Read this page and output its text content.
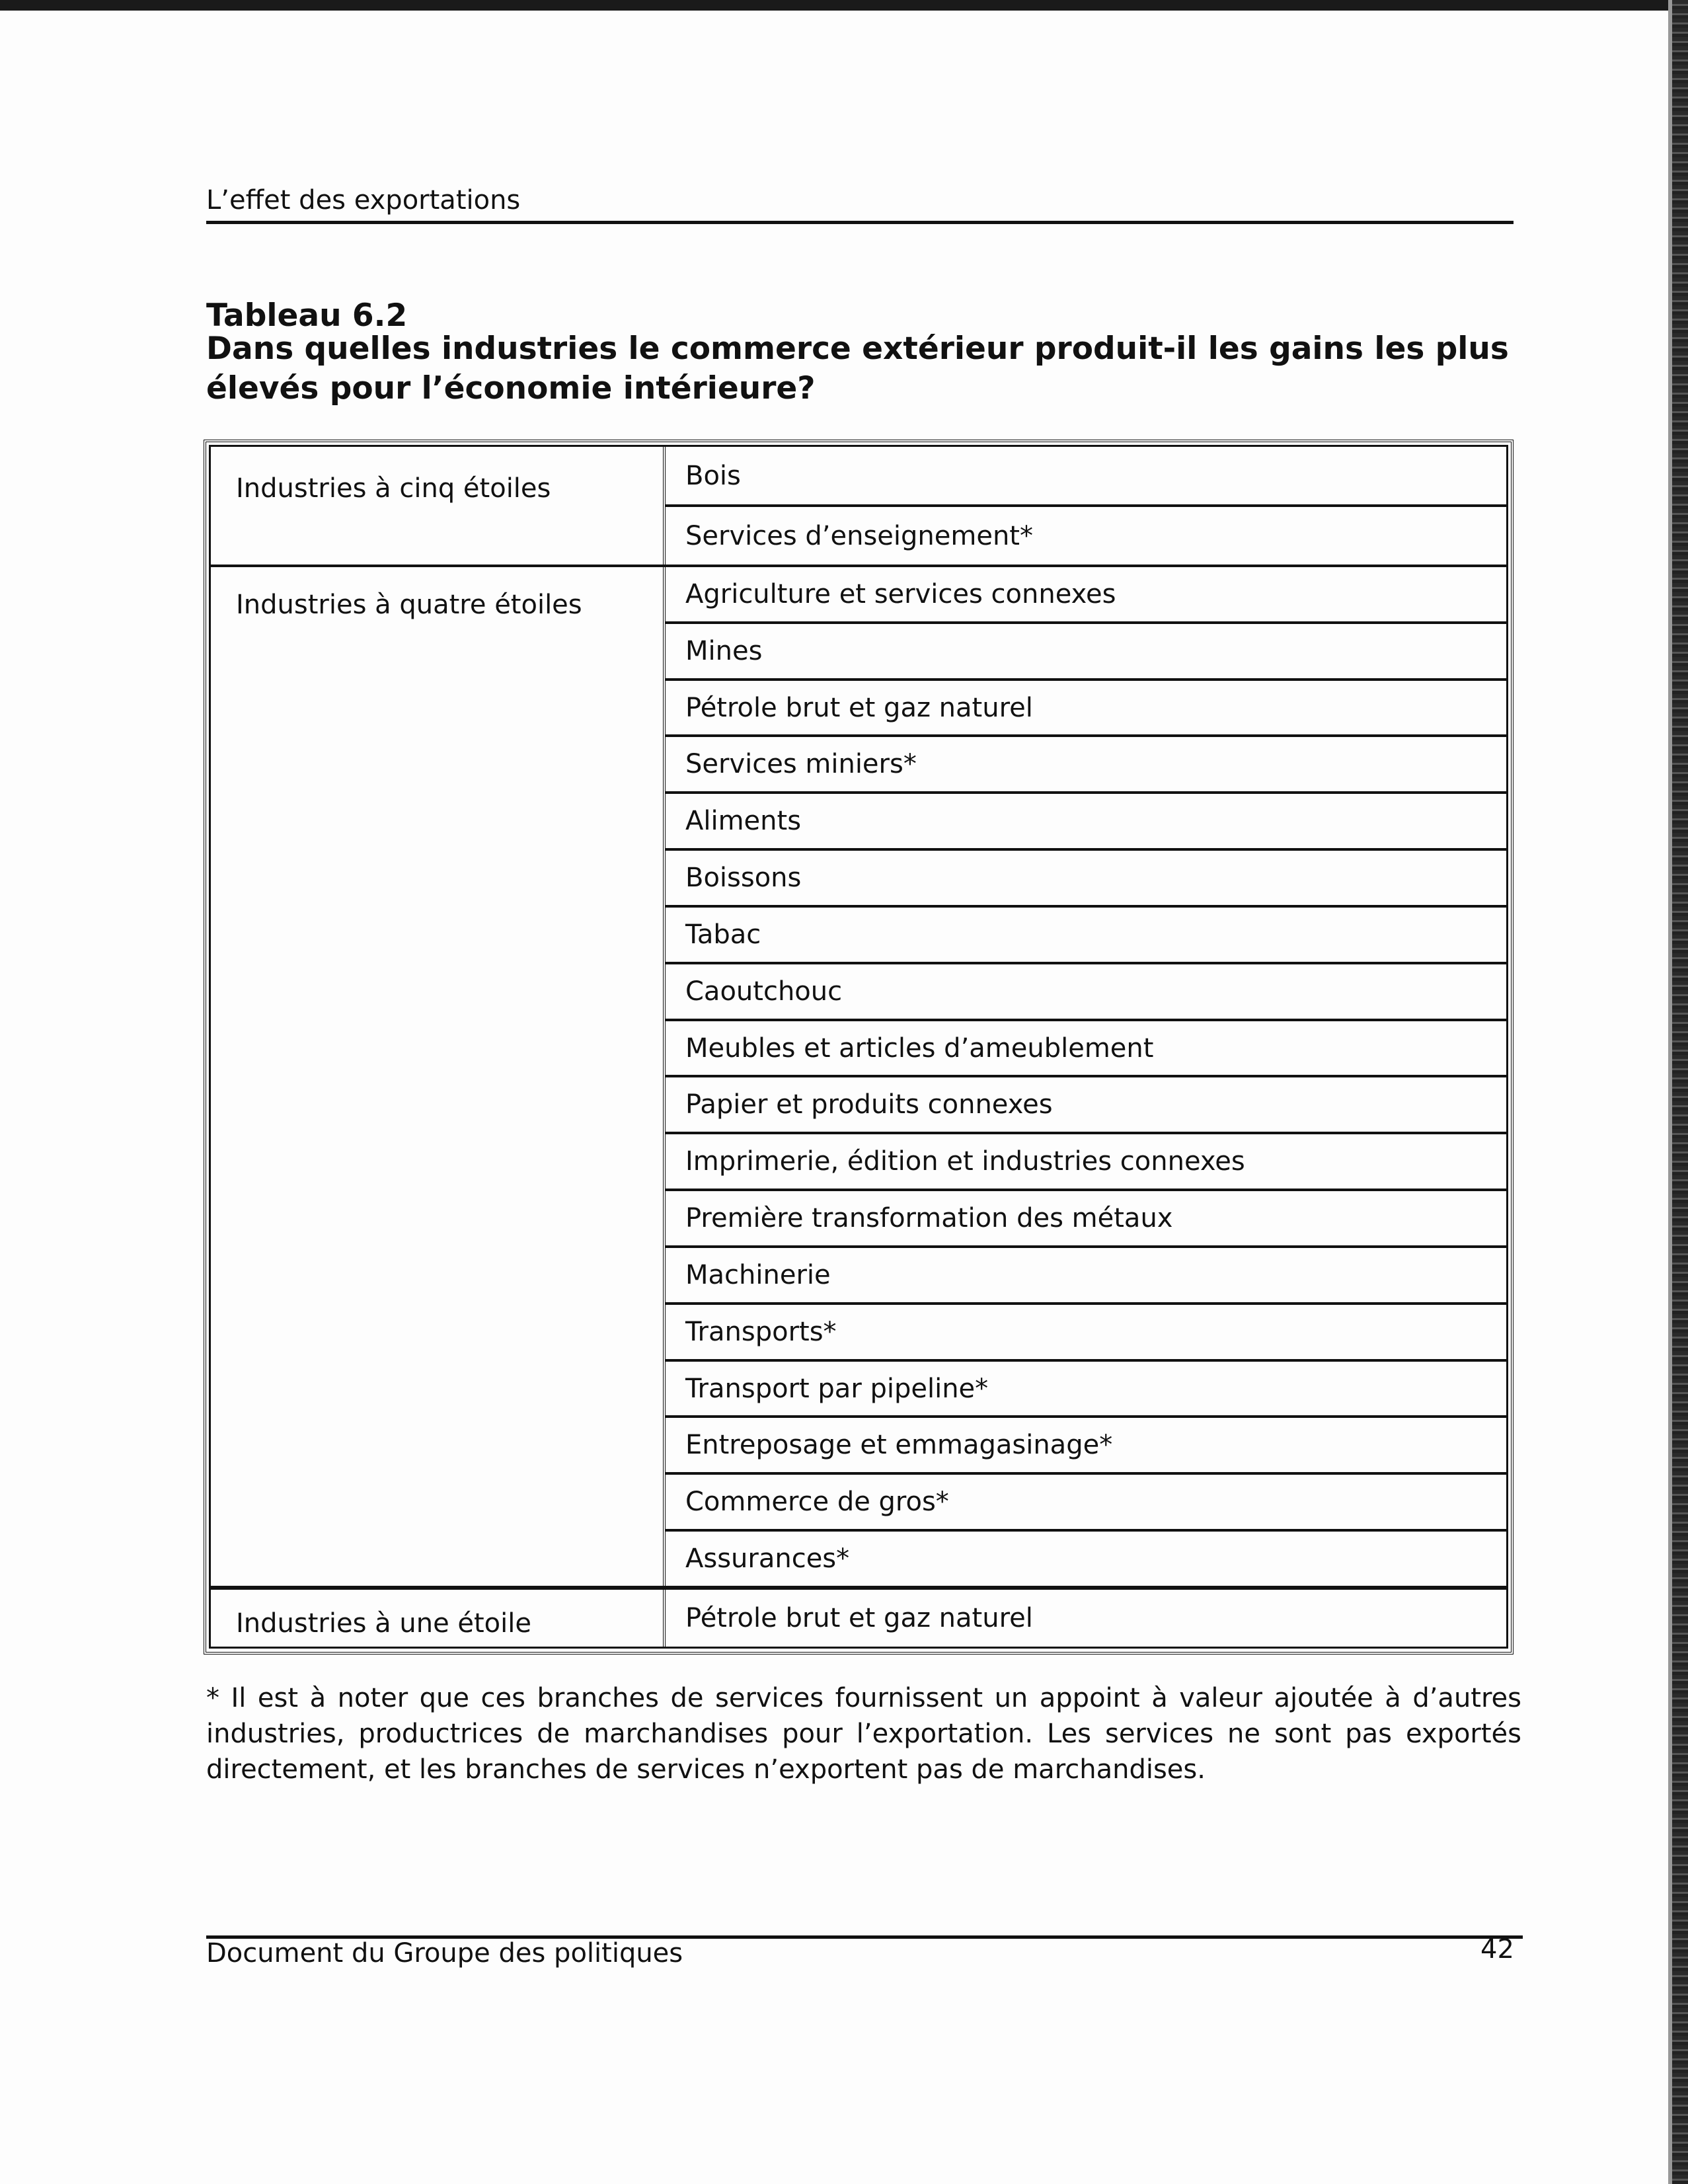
L’effet des exportations
Tableau 6.2
Dans quelles industries le commerce extérieur produit-il les gains les plus élevés pour l’économie intérieure?
Industries à cinq étoiles	Bois
Services d’enseignement*
Industries à quatre étoiles	Agriculture et services connexes
Mines
Pétrole brut et gaz naturel
Services miniers*
Aliments
Boissons
Tabac
Caoutchouc
Meubles et articles d’ameublement
Papier et produits connexes
Imprimerie, édition et industries connexes
Première transformation des métaux
Machinerie
Transports*
Transport par pipeline*
Entreposage et emmagasinage*
Commerce de gros*
Assurances*
Industries à une étoile	Pétrole brut et gaz naturel
* Il est à noter que ces branches de services fournissent un appoint à valeur ajoutée à d’autres industries, productrices de marchandises pour l’exportation. Les services ne sont pas exportés directement, et les branches de services n’exportent pas de marchandises.
Document du Groupe des politiques	42
